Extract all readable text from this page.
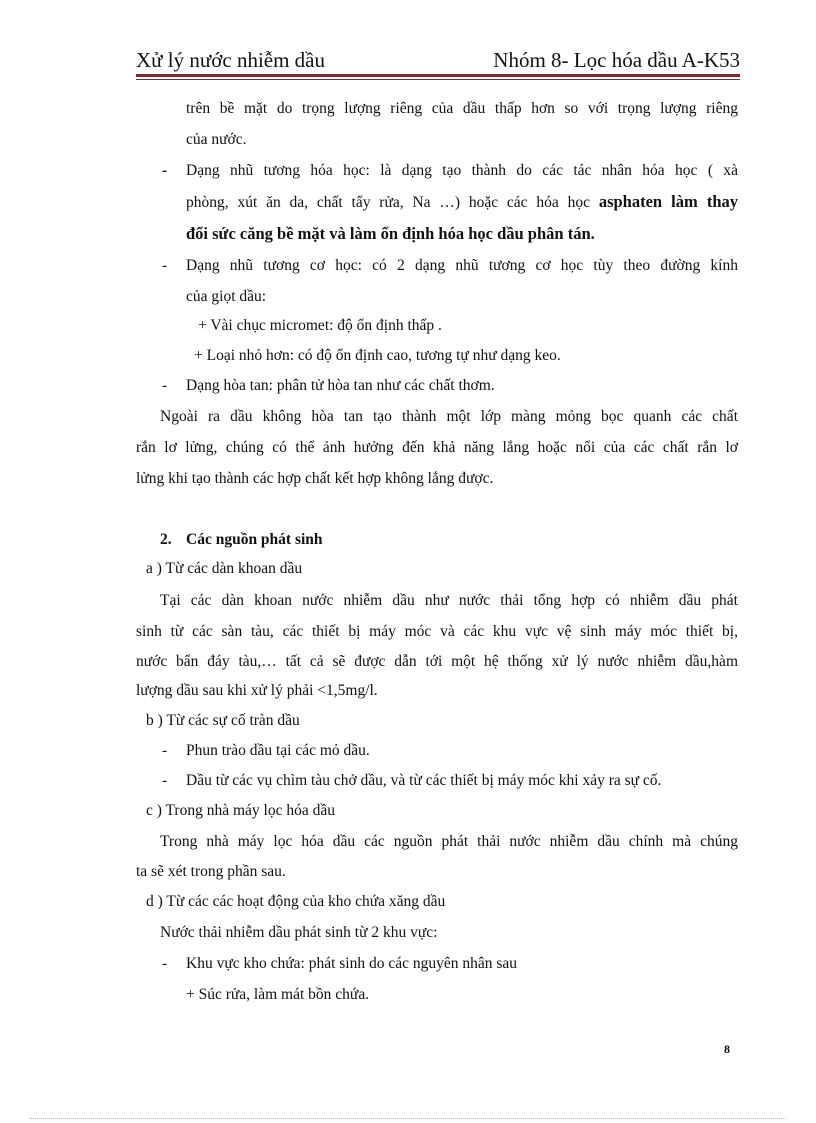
Xử lý nước nhiễm dầu	Nhóm 8- Lọc hóa dầu A-K53
trên bề mặt do trọng lượng riêng của dầu thấp hơn so với trọng lượng riêng
của nước.
- Dạng nhũ tương hóa học: là dạng tạo thành do các tác nhân hóa học ( xà
phòng, xút ăn da, chất tẩy rửa, Na …) hoặc các hóa học asphaten làm thay
đổi sức căng bề mặt và làm ổn định hóa học dầu phân tán.
- Dạng nhũ tương cơ học: có 2 dạng nhũ tương cơ học tùy theo đường kính
của giọt dầu:
+ Vài chục micromet: độ ổn định thấp .
+ Loại nhỏ hơn: có độ ổn định cao, tương tự như dạng keo.
- Dạng hòa tan: phân tử hòa tan như các chất thơm.
Ngoài ra dầu không hòa tan tạo thành một lớp màng mỏng bọc quanh các chất
rắn lơ lửng, chúng có thể ảnh hưởng đến khả năng lắng hoặc nổi của các chất rắn lơ
lửng khi tạo thành các hợp chất kết hợp không lắng được.
2. Các nguồn phát sinh
a ) Từ các dàn khoan dầu
Tại các dàn khoan nước nhiễm dầu như nước thải tổng hợp có nhiễm dầu phát
sinh từ các sàn tàu, các thiết bị máy móc và các khu vực vệ sinh máy móc thiết bị,
nước bẩn đáy tàu,… tất cả sẽ được dẫn tới một hệ thống xử lý nước nhiễm dầu,hàm
lượng dầu sau khi xử lý phải <1,5mg/l.
b ) Từ các sự cố tràn dầu
- Phun trào dầu tại các mỏ dầu.
- Dầu từ các vụ chìm tàu chở dầu, và từ các thiết bị máy móc khi xảy ra sự cố.
c ) Trong nhà máy lọc hóa dầu
Trong nhà máy lọc hóa dầu các nguồn phát thải nước nhiễm dầu chính mà chúng
ta sẽ xét trong phần sau.
d ) Từ các các hoạt động của kho chứa xăng dầu
Nước thải nhiễm dầu phát sinh từ 2 khu vực:
- Khu vực kho chứa: phát sinh do các nguyên nhân sau
+ Súc rửa, làm mát bồn chứa.
8
